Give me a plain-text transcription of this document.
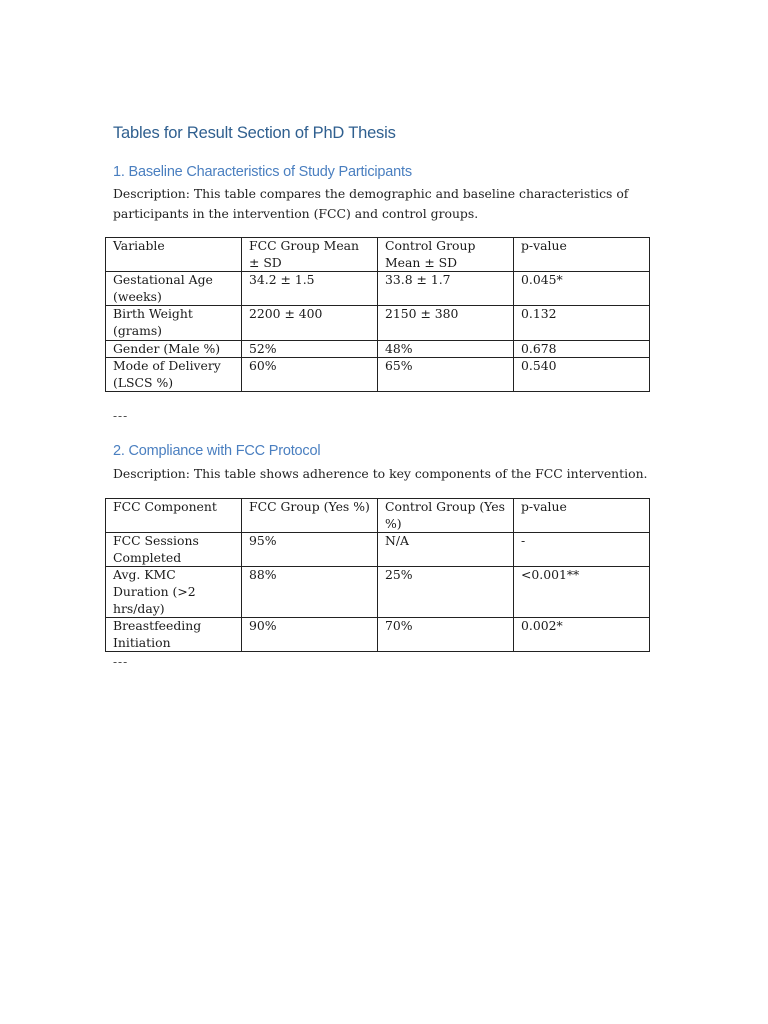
Tables for Result Section of PhD Thesis
1. Baseline Characteristics of Study Participants

Description: This table compares the demographic and baseline characteristics of participants in the intervention (FCC) and control groups.

Variable	FCC Group Mean ± SD	Control Group Mean ± SD	p-value
Gestational Age (weeks)	34.2 ± 1.5	33.8 ± 1.7	0.045*
Birth Weight (grams)	2200 ± 400	2150 ± 380	0.132
Gender (Male %)	52%	48%	0.678
Mode of Delivery (LSCS %)	60%	65%	0.540

---

2. Compliance with FCC Protocol

Description: This table shows adherence to key components of the FCC intervention.

FCC Component	FCC Group (Yes %)	Control Group (Yes %)	p-value
FCC Sessions Completed	95%	N/A	-
Avg. KMC Duration (>2 hrs/day)	88%	25%	<0.001**
Breastfeeding Initiation	90%	70%	0.002*

---
